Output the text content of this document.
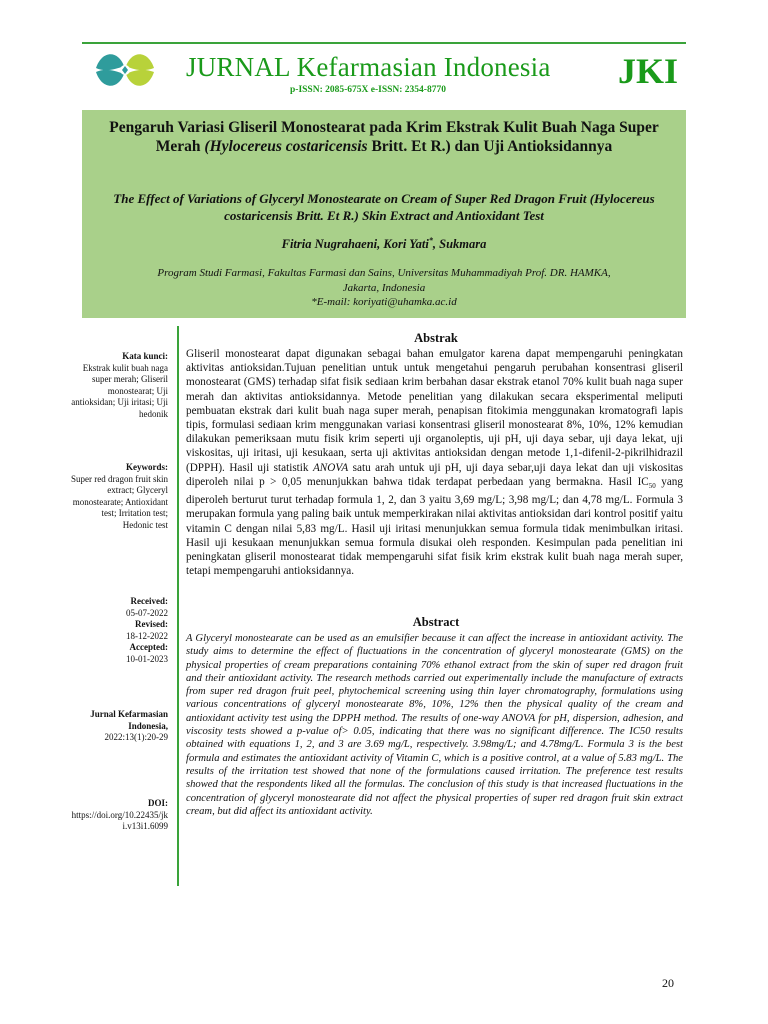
JURNAL Kefarmasian Indonesia
p-ISSN: 2085-675X e-ISSN: 2354-8770	JKI
Pengaruh Variasi Gliseril Monostearat pada Krim Ekstrak Kulit Buah Naga Super Merah (Hylocereus costaricensis Britt. Et R.) dan Uji Antioksidannya
The Effect of Variations of Glyceryl Monostearate on Cream of Super Red Dragon Fruit (Hylocereus costaricensis Britt. Et R.) Skin Extract and Antioxidant Test
Fitria Nugrahaeni, Kori Yati*, Sukmara
Program Studi Farmasi, Fakultas Farmasi dan Sains, Universitas Muhammadiyah Prof. DR. HAMKA,
Jakarta, Indonesia
*E-mail: koriyati@uhamka.ac.id
Kata kunci:
Ekstrak kulit buah naga super merah; Gliseril monostearat; Uji antioksidan; Uji iritasi; Uji hedonik
Keywords:
Super red dragon fruit skin extract; Glyceryl monostearate; Antioxidant test; Irritation test; Hedonic test
Received:
05-07-2022
Revised:
18-12-2022
Accepted:
10-01-2023
Jurnal Kefarmasian Indonesia,
2022:13(1):20-29
DOI:
https://doi.org/10.22435/jki.v13i1.6099
Abstrak

Gliseril monostearat dapat digunakan sebagai bahan emulgator karena dapat mempengaruhi peningkatan aktivitas antioksidan.Tujuan penelitian untuk untuk mengetahui pengaruh perubahan konsentrasi gliseril monostearat (GMS) terhadap sifat fisik sediaan krim berbahan dasar ekstrak etanol 70% kulit buah naga super merah dan aktivitas antioksidannya. Metode penelitian yang dilakukan secara eksperimental meliputi pembuatan ekstrak dari kulit buah naga super merah, penapisan fitokimia menggunakan kromatografi lapis tipis, formulasi sediaan krim menggunakan variasi konsentrasi gliseril monostearat 8%, 10%, 12% kemudian dilakukan pemeriksaan mutu fisik krim seperti uji organoleptis, uji pH, uji daya sebar, uji daya lekat, uji viskositas, uji iritasi, uji kesukaan, serta uji aktivitas antioksidan dengan metode 1,1-difenil-2-pikrilhidrazil (DPPH). Hasil uji statistik ANOVA satu arah untuk uji pH, uji daya sebar,uji daya lekat dan uji viskositas diperoleh nilai p > 0,05 menunjukkan bahwa tidak terdapat perbedaan yang bermakna. Hasil $IC_{50}$ yang diperoleh berturut turut terhadap formula 1, 2, dan 3 yaitu 3,69 mg/L; 3,98 mg/L; dan 4,78 mg/L. Formula 3 merupakan formula yang paling baik untuk memperkirakan nilai aktivitas antioksidan dari kontrol positif yaitu vitamin C dengan nilai 5,83 mg/L. Hasil uji iritasi menunjukkan semua formula tidak menimbulkan iritasi. Hasil uji kesukaan menunjukkan semua formula disukai oleh responden. Kesimpulan pada penelitian ini peningkatan gliseril monostearat tidak mempengaruhi sifat fisik krim ekstrak kulit buah naga merah super, tetapi mempengaruhi antioksidannya.

Abstract

A Glyceryl monostearate can be used as an emulsifier because it can affect the increase in antioxidant activity. The study aims to determine the effect of fluctuations in the concentration of glyceryl monostearate (GMS) on the physical properties of cream preparations containing 70% ethanol extract from the skin of super red dragon fruit and their antioxidant activity. The research methods carried out experimentally include the manufacture of extracts from super red dragon fruit peel, phytochemical screening using thin layer chromatography, formulations using various concentrations of glyceryl monostearate 8%, 10%, 12% then the physical quality of the cream and antioxidant activity test using the DPPH method. The results of one-way ANOVA for pH, dispersion, adhesion, and viscosity tests showed a p-value of> 0.05, indicating that there was no significant difference. The IC50 results obtained with equations 1, 2, and 3 are 3.69 mg/L, respectively. 3.98mg/L; and 4.78mg/L. Formula 3 is the best formula and estimates the antioxidant activity of Vitamin C, which is a positive control, at a value of 5.83 mg/L. The results of the irritation test showed that none of the formulations caused irritation. The preference test results showed that the respondents liked all the formulas. The conclusion of this study is that increased fluctuations in the concentration of glyceryl monostearate did not affect the physical properties of super red dragon fruit skin extract cream, but did affect its antioxidant activity.

20
